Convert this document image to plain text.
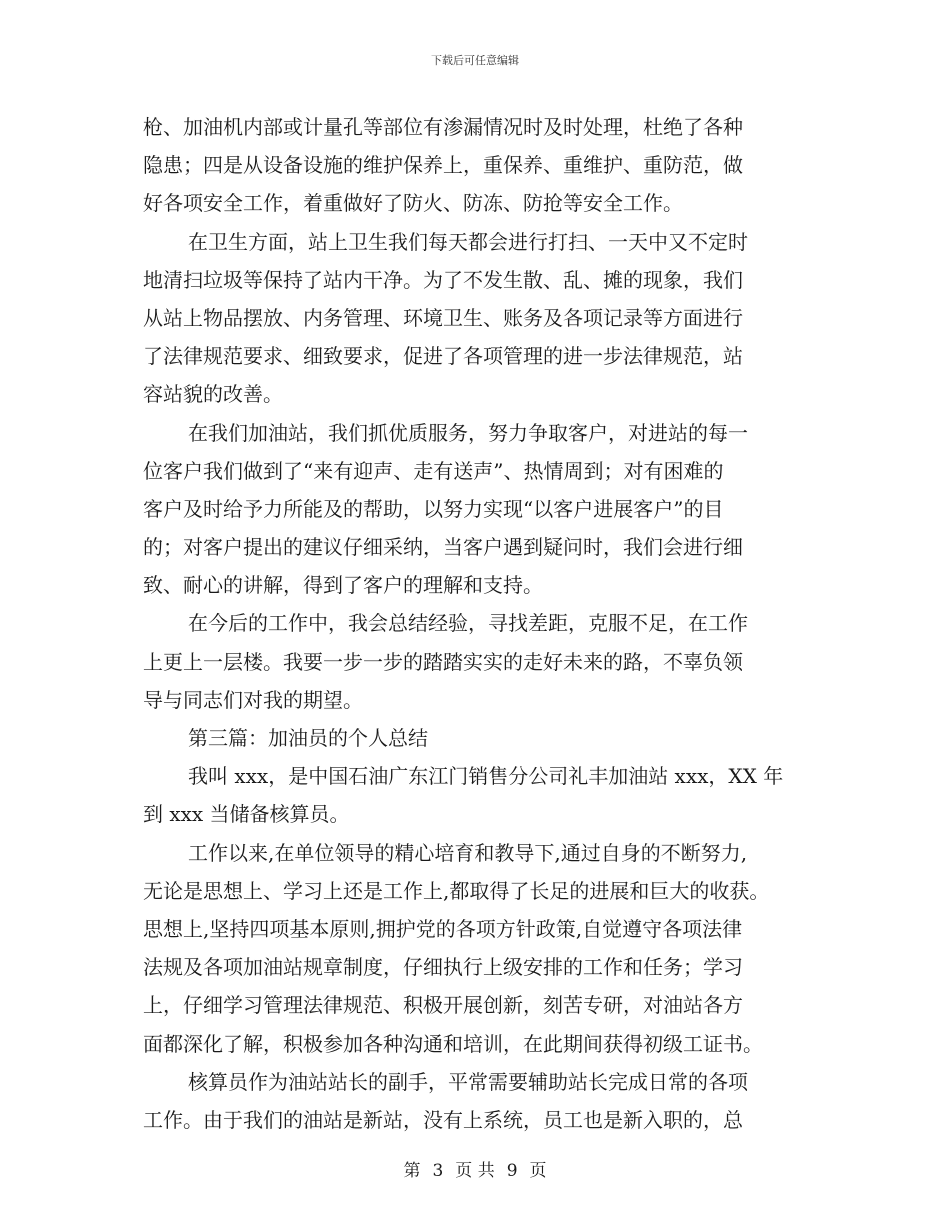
下载后可任意编辑
枪、加油机内部或计量孔等部位有渗漏情况时及时处理，杜绝了各种
隐患；四是从设备设施的维护保养上，重保养、重维护、重防范，做
好各项安全工作，着重做好了防火、防冻、防抢等安全工作。
在卫生方面，站上卫生我们每天都会进行打扫、一天中又不定时
地清扫垃圾等保持了站内干净。为了不发生散、乱、摊的现象，我们
从站上物品摆放、内务管理、环境卫生、账务及各项记录等方面进行
了法律规范要求、细致要求，促进了各项管理的进一步法律规范，站
容站貌的改善。
在我们加油站，我们抓优质服务，努力争取客户，对进站的每一
位客户我们做到了“来有迎声、走有送声”、热情周到；对有困难的
客户及时给予力所能及的帮助，以努力实现“以客户进展客户”的目
的；对客户提出的建议仔细采纳，当客户遇到疑问时，我们会进行细
致、耐心的讲解，得到了客户的理解和支持。
在今后的工作中，我会总结经验，寻找差距，克服不足，在工作
上更上一层楼。我要一步一步的踏踏实实的走好未来的路，不辜负领
导与同志们对我的期望。
第三篇：加油员的个人总结
我叫 xxx，是中国石油广东江门销售分公司礼丰加油站 xxx，XX 年
到 xxx 当储备核算员。
工作以来,在单位领导的精心培育和教导下,通过自身的不断努力,
无论是思想上、学习上还是工作上,都取得了长足的进展和巨大的收获。
思想上,坚持四项基本原则,拥护党的各项方针政策,自觉遵守各项法律
法规及各项加油站规章制度，仔细执行上级安排的工作和任务；学习
上，仔细学习管理法律规范、积极开展创新，刻苦专研，对油站各方
面都深化了解，积极参加各种沟通和培训，在此期间获得初级工证书。
核算员作为油站站长的副手，平常需要辅助站长完成日常的各项
工作。由于我们的油站是新站，没有上系统，员工也是新入职的，总
第 3 页 共 9 页
